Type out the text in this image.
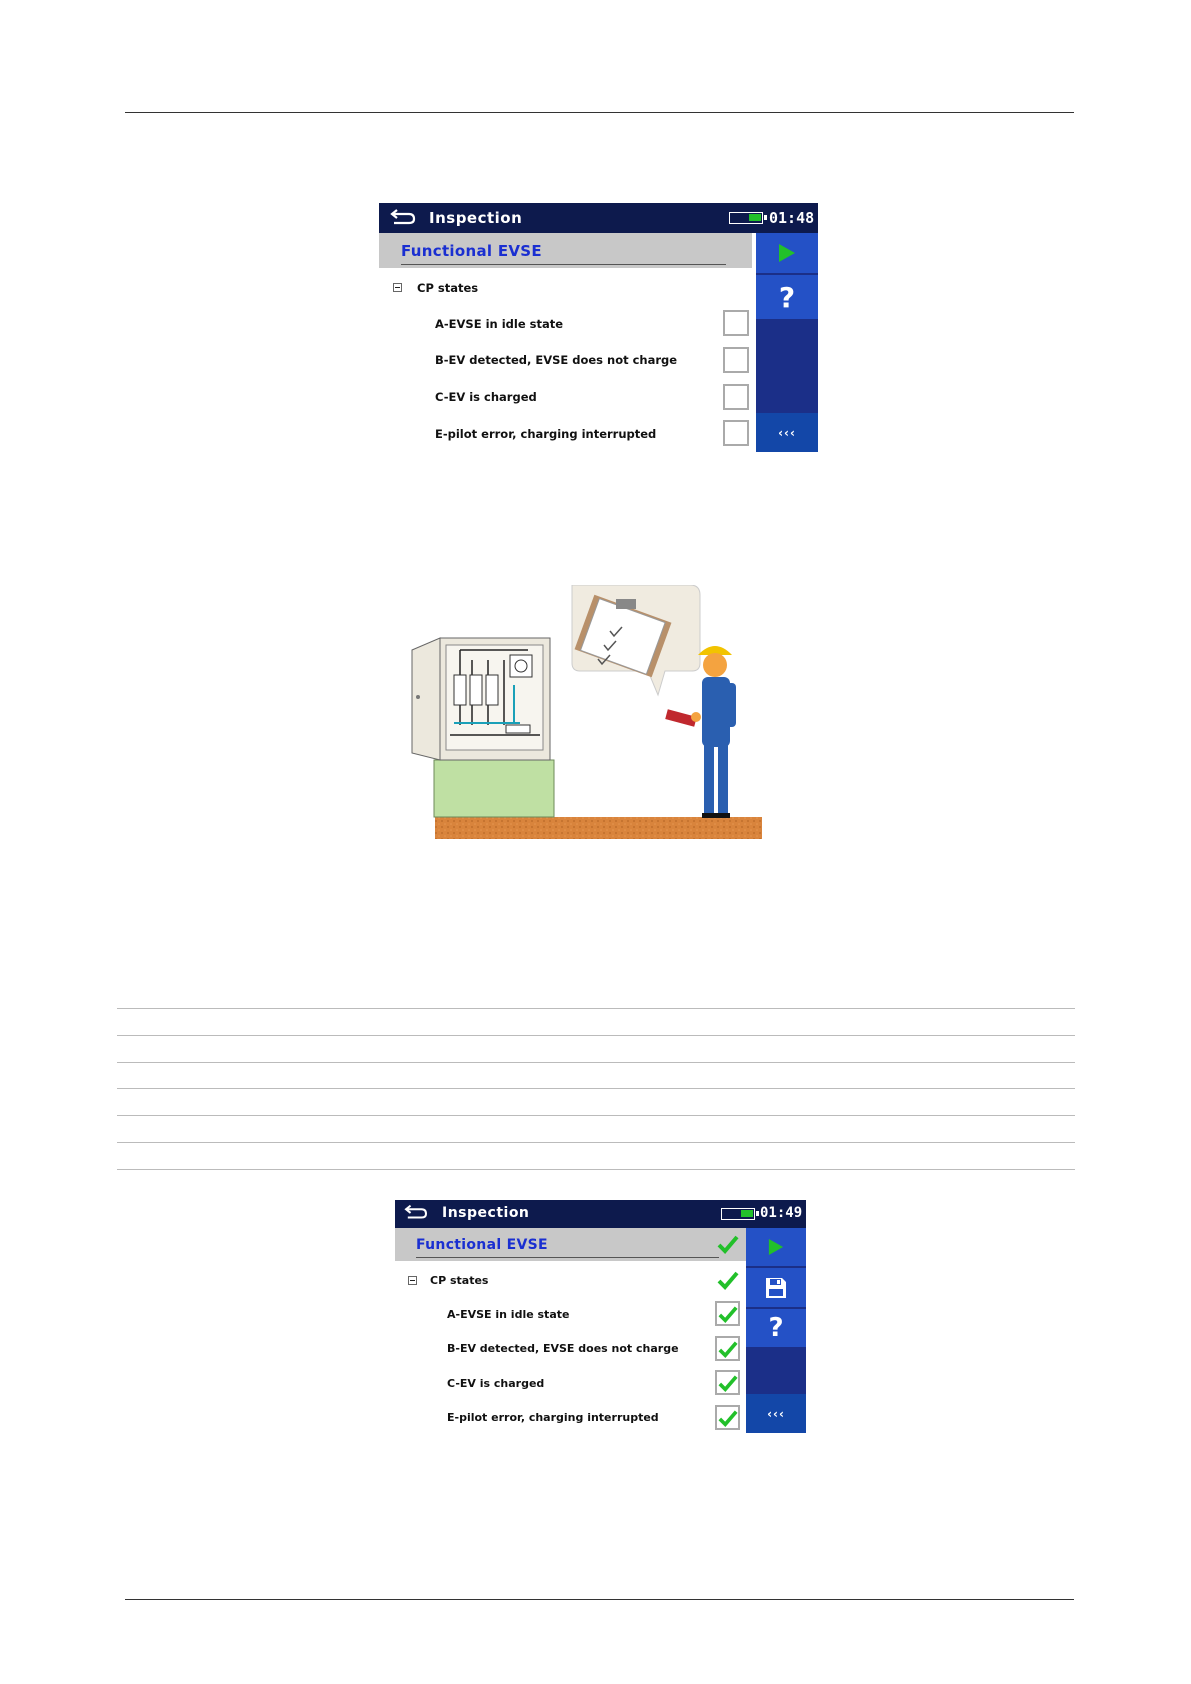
Inspection	01:48
Functional EVSE
CP states
A-EVSE in idle state
B-EV detected, EVSE does not charge
C-EV is charged
E-pilot error, charging interrupted
?
‹‹‹
Inspection	01:49
Functional EVSE
CP states
A-EVSE in idle state
B-EV detected, EVSE does not charge
C-EV is charged
E-pilot error, charging interrupted
?
‹‹‹
